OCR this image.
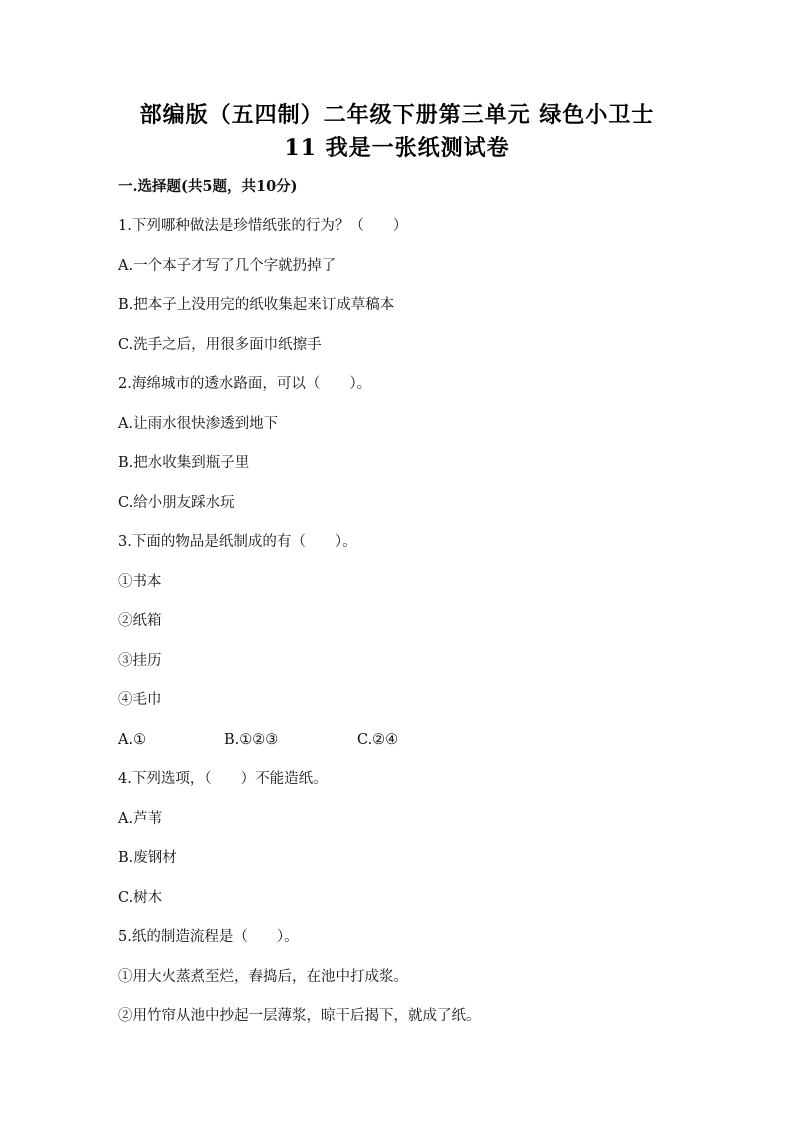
部编版（五四制）二年级下册第三单元 绿色小卫士
11 我是一张纸测试卷
一.选择题(共5题，共10分)
1.下列哪种做法是珍惜纸张的行为？（　　）
A.一个本子才写了几个字就扔掉了
B.把本子上没用完的纸收集起来订成草稿本
C.洗手之后，用很多面巾纸擦手
2.海绵城市的透水路面，可以（　　）。
A.让雨水很快渗透到地下
B.把水收集到瓶子里
C.给小朋友踩水玩
3.下面的物品是纸制成的有（　　）。
①书本
②纸箱
③挂历
④毛巾
A.①	B.①②③	C.②④
4.下列选项，（　　）不能造纸。
A.芦苇
B.废钢材
C.树木
5.纸的制造流程是（　　）。
①用大火蒸煮至烂，舂捣后，在池中打成浆。
②用竹帘从池中抄起一层薄浆，晾干后揭下，就成了纸。
